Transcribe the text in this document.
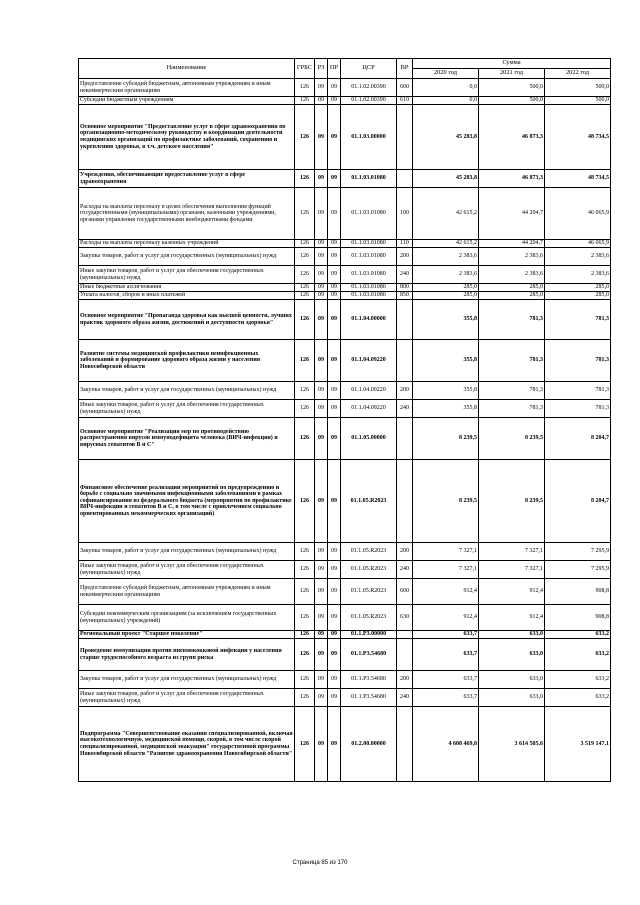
Наименование	ГРБС	РЗ	ПР	ЦСР	ВР	Сумма		
						2020 год	2021 год	2022 год
Предоставление субсидий бюджетным, автономным учреждениям и иным некоммерческим организациям	126	09	09	01.1.02.00390	600	0,0	500,0	500,0
Субсидии бюджетным учреждениям	126	09	09	01.1.02.00390	610	0,0	500,0	500,0
Основное мероприятие "Предоставление услуг в сфере здравоохранения по организационно-методическому руководству и координации деятельности медицинских организаций по профилактике заболеваний, сохранению и укреплению здоровья, в т.ч. детского населения"	126	09	09	01.1.03.00000		45 283,8	46 873,3	48 734,5
Учреждения, обеспечивающие предоставление услуг в сфере здравоохранения	126	09	09	01.1.03.01080		45 283,8	46 873,3	48 734,5
Расходы на выплаты персоналу в целях обеспечения выполнения функций государственными (муниципальными) органами, казенными учреждениями, органами управления государственными внебюджетными фондами	126	09	09	01.1.03.01080	100	42 615,2	44 204,7	46 065,9
Расходы на выплаты персоналу казенных учреждений	126	09	09	01.1.03.01080	110	42 615,2	44 204,7	46 065,9
Закупка товаров, работ и услуг для государственных (муниципальных) нужд	126	09	09	01.1.03.01080	200	2 383,6	2 383,6	2 383,6
Иные закупки товаров, работ и услуг для обеспечения государственных (муниципальных) нужд	126	09	09	01.1.03.01080	240	2 383,6	2 383,6	2 383,6
Иные бюджетные ассигнования	126	09	09	01.1.03.01080	800	285,0	285,0	285,0
Уплата налогов, сборов и иных платежей	126	09	09	01.1.03.01080	850	285,0	285,0	285,0
Основное мероприятие "Пропаганда здоровья как высшей ценности, лучших практик здорового образа жизни, достижений и доступности здоровья"	126	09	09	01.1.04.00000		355,8	781,3	781,3
Развитие системы медицинской профилактики неинфекционных заболеваний и формирование здорового образа жизни у населения Новосибирской области	126	09	09	01.1.04.09220		355,8	781,3	781,3
Закупка товаров, работ и услуг для государственных (муниципальных) нужд	126	09	09	01.1.04.09220	200	355,8	781,3	781,3
Иные закупки товаров, работ и услуг для обеспечения государственных (муниципальных) нужд	126	09	09	01.1.04.09220	240	355,8	781,3	781,3
Основное мероприятие "Реализация мер по противодействию распространения вирусов иммунодефицита человека (ВИЧ-инфекция) и вирусных гепатитов В и С"	126	09	09	01.1.05.00000		8 239,5	8 239,5	8 204,7
Финансовое обеспечение реализации мероприятий по предупреждению и борьбе с социально значимыми инфекционными заболеваниями в рамках софинансирования из федерального бюджета (мероприятия по профилактике ВИЧ-инфекции и гепатитов В и С, в том числе с привлечением социально ориентированных некоммерческих организаций)	126	09	09	01.1.05.R2023		8 239,5	8 239,5	8 204,7
Закупка товаров, работ и услуг для государственных (муниципальных) нужд	126	09	09	01.1.05.R2023	200	7 327,1	7 327,1	7 295,9
Иные закупки товаров, работ и услуг для обеспечения государственных (муниципальных) нужд	126	09	09	01.1.05.R2023	240	7 327,1	7 327,1	7 295,9
Предоставление субсидий бюджетным, автономным учреждениям и иным некоммерческим организациям	126	09	09	01.1.05.R2023	600	912,4	912,4	908,8
Субсидии некоммерческим организациям (за исключением государственных (муниципальных) учреждений)	126	09	09	01.1.05.R2023	630	912,4	912,4	908,8
Региональный проект "Старшее поколение"	126	09	09	01.1.P3.00000		633,7	633,0	633,2
Проведение иммунизации против пневмококковой инфекции у населения старше трудоспособного возраста из групп риска	126	09	09	01.1.P3.54680		633,7	633,0	633,2
Закупка товаров, работ и услуг для государственных (муниципальных) нужд	126	09	09	01.1.P3.54680	200	633,7	633,0	633,2
Иные закупки товаров, работ и услуг для обеспечения государственных (муниципальных) нужд	126	09	09	01.1.P3.54680	240	633,7	633,0	633,2
Подпрограмма "Совершенствование оказания специализированной, включая высокотехнологичную, медицинской помощи, скорой, в том числе скорой специализированной, медицинской эвакуации" государственной программы Новосибирской области "Развитие здравоохранения Новосибирской области"	126	09	09	01.2.00.00000		4 608 469,8	3 614 505,6	3 519 147,1
Страница 85 из 170
